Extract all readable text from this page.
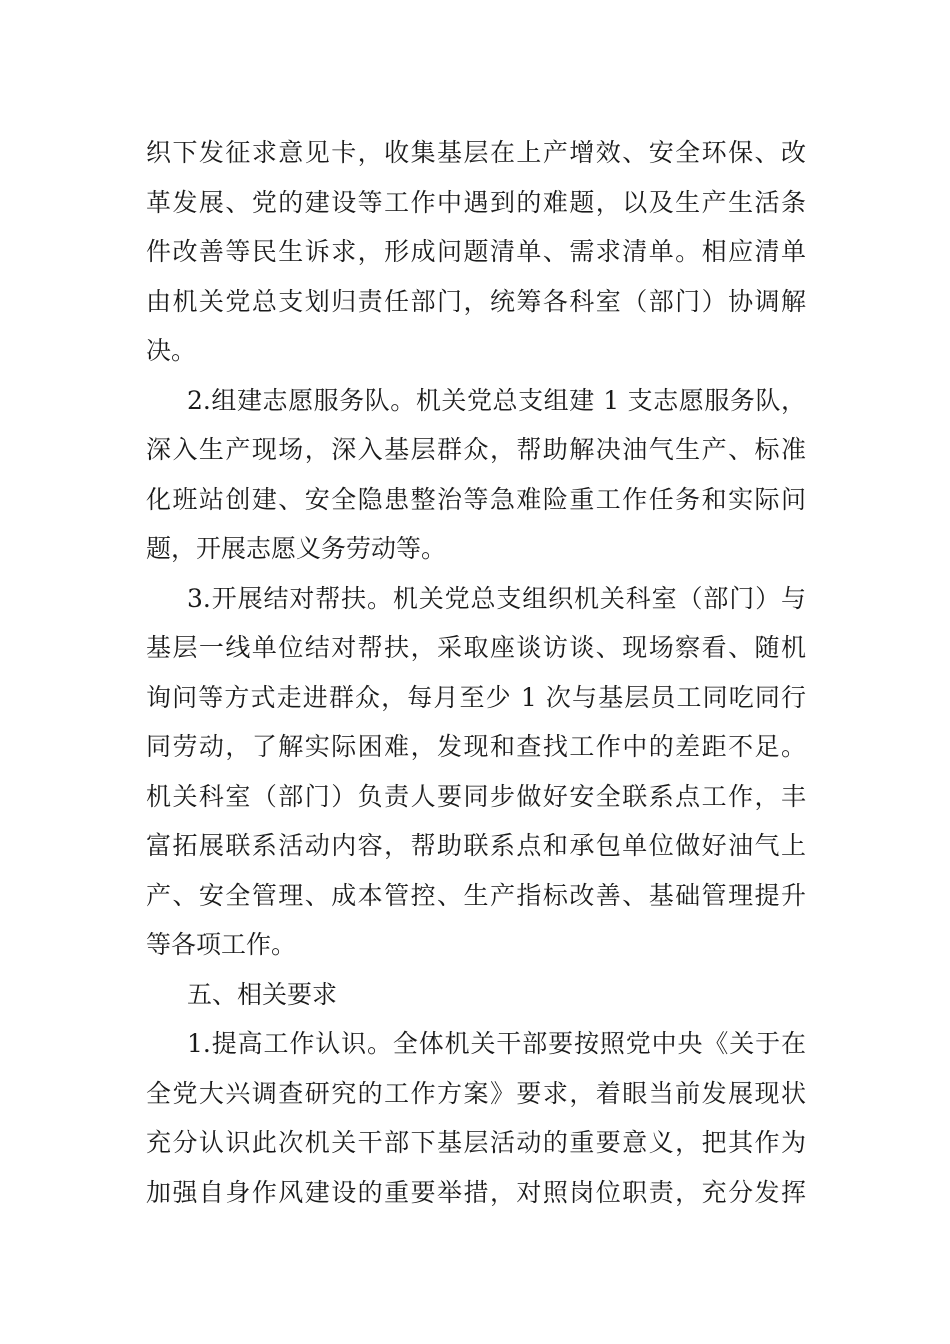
织下发征求意见卡，收集基层在上产增效、安全环保、改
革发展、党的建设等工作中遇到的难题，以及生产生活条
件改善等民生诉求，形成问题清单、需求清单。相应清单
由机关党总支划归责任部门，统筹各科室（部门）协调解
决。
2.组建志愿服务队。机关党总支组建 1 支志愿服务队，
深入生产现场，深入基层群众，帮助解决油气生产、标准
化班站创建、安全隐患整治等急难险重工作任务和实际问
题，开展志愿义务劳动等。
3.开展结对帮扶。机关党总支组织机关科室（部门）与
基层一线单位结对帮扶，采取座谈访谈、现场察看、随机
询问等方式走进群众，每月至少 1 次与基层员工同吃同行
同劳动，了解实际困难，发现和查找工作中的差距不足。
机关科室（部门）负责人要同步做好安全联系点工作，丰
富拓展联系活动内容，帮助联系点和承包单位做好油气上
产、安全管理、成本管控、生产指标改善、基础管理提升
等各项工作。
五、相关要求
1.提高工作认识。全体机关干部要按照党中央《关于在
全党大兴调查研究的工作方案》要求，着眼当前发展现状
充分认识此次机关干部下基层活动的重要意义，把其作为
加强自身作风建设的重要举措，对照岗位职责，充分发挥
